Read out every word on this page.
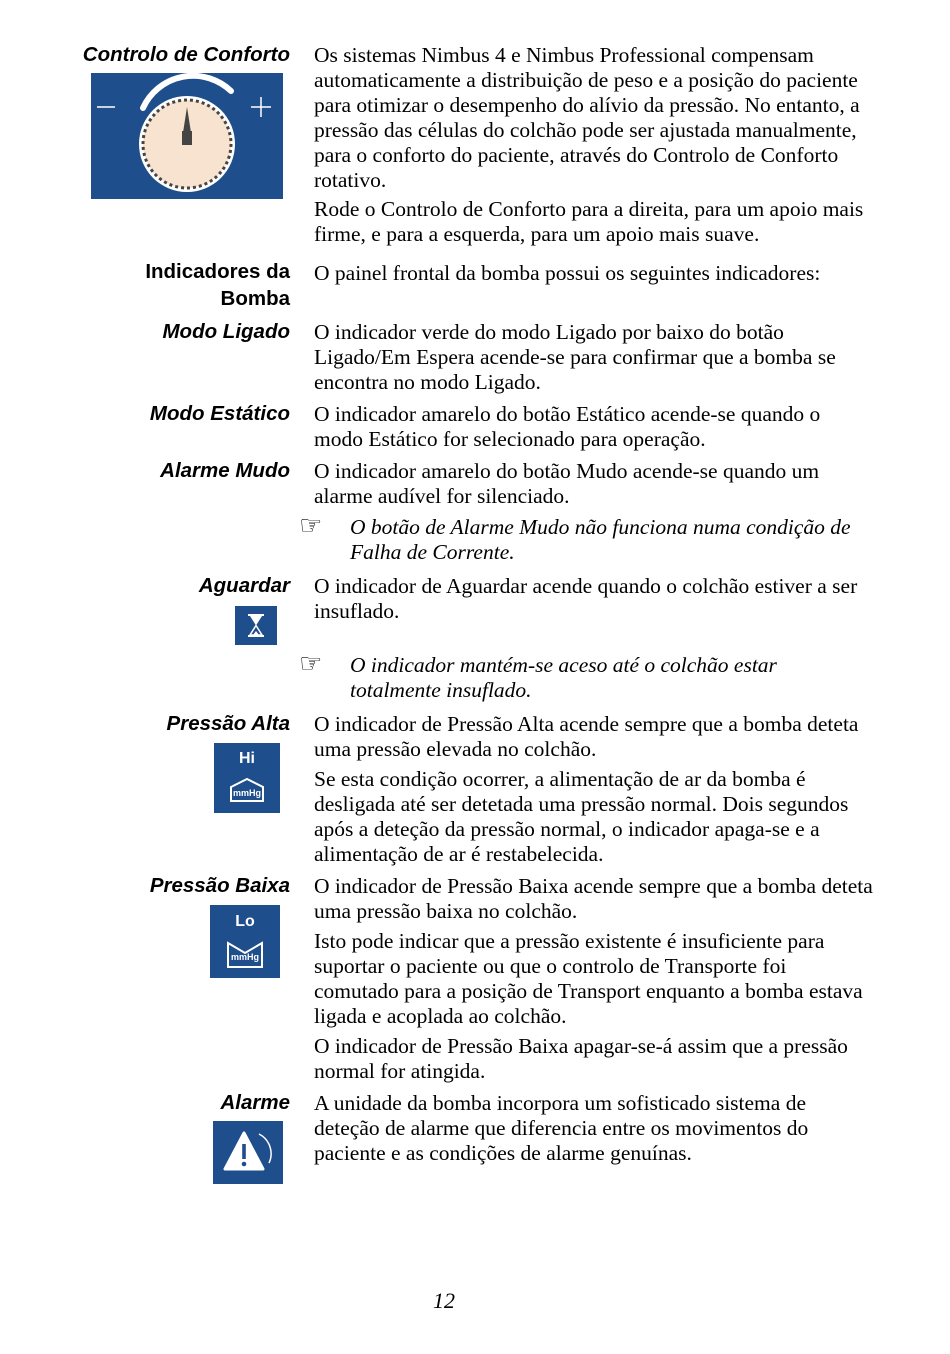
Controlo de Conforto Os sistemas Nimbus 4 e Nimbus Professional compensam automaticamente a distribuição de peso e a posição do paciente para otimizar o desempenho do alívio da pressão. No entanto, a pressão das células do colchão pode ser ajustada manualmente, para o conforto do paciente, através do Controlo de Conforto rotativo.

Rode o Controlo de Conforto para a direita, para um apoio mais firme, e para a esquerda, para um apoio mais suave.

Indicadores da Bomba
O painel frontal da bomba possui os seguintes indicadores:
Modo Ligado O indicador verde do modo Ligado por baixo do botão Ligado/Em Espera acende-se para confirmar que a bomba se encontra no modo Ligado.
Modo Estático O indicador amarelo do botão Estático acende-se quando o modo Estático for selecionado para operação.
Alarme Mudo O indicador amarelo do botão Mudo acende-se quando um alarme audível for silenciado.
☞ O botão de Alarme Mudo não funciona numa condição de Falha de Corrente.
Aguardar O indicador de Aguardar acende quando o colchão estiver a ser insuflado.
☞ O indicador mantém-se aceso até o colchão estar totalmente insuflado.
Pressão Alta
Hi
mmHg

O indicador de Pressão Alta acende sempre que a bomba deteta uma pressão elevada no colchão.

Se esta condição ocorrer, a alimentação de ar da bomba é desligada até ser detetada uma pressão normal. Dois segundos após a deteção da pressão normal, o indicador apaga-se e a alimentação de ar é restabelecida.

Pressão Baixa
Lo
mmHg

O indicador de Pressão Baixa acende sempre que a bomba deteta uma pressão baixa no colchão.

Isto pode indicar que a pressão existente é insuficiente para suportar o paciente ou que o controlo de Transporte foi comutado para a posição de Transport enquanto a bomba estava ligada e acoplada ao colchão.

O indicador de Pressão Baixa apagar-se-á assim que a pressão normal for atingida.

Alarme A unidade da bomba incorpora um sofisticado sistema de deteção de alarme que diferencia entre os movimentos do paciente e as condições de alarme genuínas.
12
